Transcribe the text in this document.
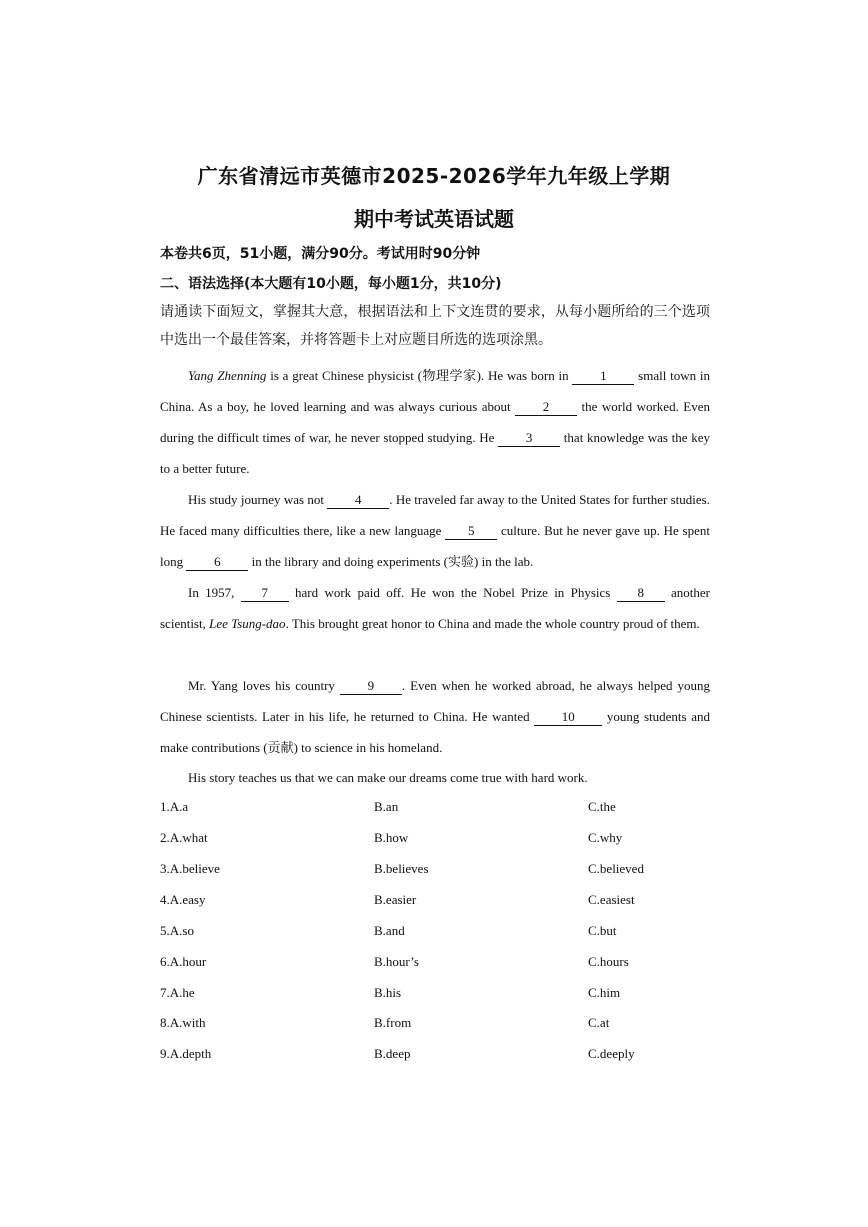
广东省清远市英德市2025-2026学年九年级上学期
期中考试英语试题
本卷共6页，51小题，满分90分。考试用时90分钟
二、语法选择(本大题有10小题，每小题1分，共10分)
请通读下面短文，掌握其大意，根据语法和上下文连贯的要求，从每小题所给的三个选项中选出一个最佳答案，并将答题卡上对应题目所选的选项涂黑。
Yang Zhenning is a great Chinese physicist (物理学家). He was born in 1 small town in China. As a boy, he loved learning and was always curious about 2 the world worked. Even during the difficult times of war, he never stopped studying. He 3 that knowledge was the key to a better future.
His study journey was not 4 . He traveled far away to the United States for further studies. He faced many difficulties there, like a new language 5 culture. But he never gave up. He spent long 6 in the library and doing experiments (实验) in the lab.
In 1957, 7 hard work paid off. He won the Nobel Prize in Physics 8 another scientist, Lee Tsung-dao. This brought great honor to China and made the whole country proud of them.
Mr. Yang loves his country 9 . Even when he worked abroad, he always helped young Chinese scientists. Later in his life, he returned to China. He wanted 10 young students and make contributions (贡献) to science in his homeland.
His story teaches us that we can make our dreams come true with hard work.
1.A.a	B.an	C.the
2.A.what	B.how	C.why
3.A.believe	B.believes	C.believed
4.A.easy	B.easier	C.easiest
5.A.so	B.and	C.but
6.A.hour	B.hour’s	C.hours
7.A.he	B.his	C.him
8.A.with	B.from	C.at
9.A.depth	B.deep	C.deeply
